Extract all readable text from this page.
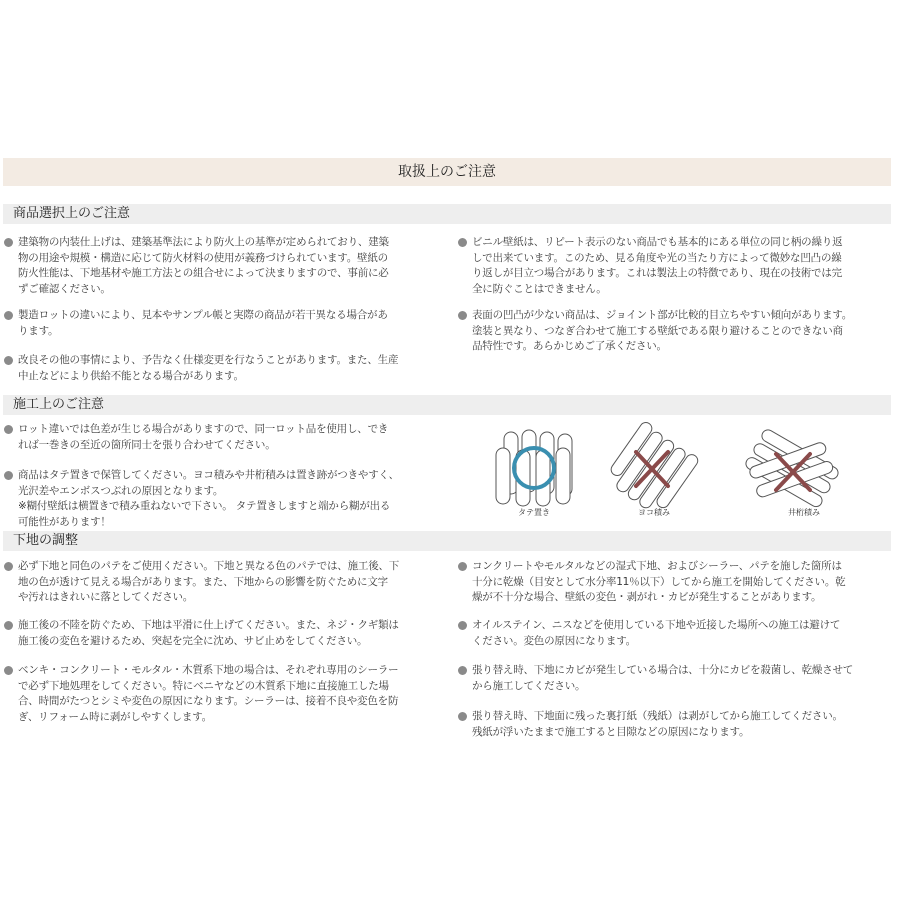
取扱上のご注意
商品選択上のご注意

建築物の内装仕上げは、建築基準法により防火上の基準が定められており、建築

物の用途や規模・構造に応じて防火材料の使用が義務づけられています。壁紙の

防火性能は、下地基材や施工方法との組合せによって決まりますので、事前に必

ずご確認ください。

製造ロットの違いにより、見本やサンプル帳と実際の商品が若干異なる場合があ

ります。

改良その他の事情により、予告なく仕様変更を行なうことがあります。また、生産

中止などにより供給不能となる場合があります。

ビニル壁紙は、リピート表示のない商品でも基本的にある単位の同じ柄の繰り返

しで出来ています。このため、見る角度や光の当たり方によって微妙な凹凸の繰

り返しが目立つ場合があります。これは製法上の特徴であり、現在の技術では完

全に防ぐことはできません。

表面の凹凸が少ない商品は、ジョイント部が比較的目立ちやすい傾向があります。

塗装と異なり、つなぎ合わせて施工する壁紙である限り避けることのできない商

品特性です。あらかじめご了承ください。

施工上のご注意

ロット違いでは色差が生じる場合がありますので、同一ロット品を使用し、でき

れば一巻きの至近の箇所同士を張り合わせてください。

商品はタテ置きで保管してください。ヨコ積みや井桁積みは置き跡がつきやすく、

光沢差やエンボスつぶれの原因となります。

※糊付壁紙は横置きで積み重ねないで下さい。 タテ置きしますと端から糊が出る

可能性があります！

タテ置き	ヨコ積み	井桁積み
下地の調整

必ず下地と同色のパテをご使用ください。下地と異なる色のパテでは、施工後、下

地の色が透けて見える場合があります。また、下地からの影響を防ぐために文字

や汚れはきれいに落としてください。

施工後の不陸を防ぐため、下地は平滑に仕上げてください。また、ネジ・クギ類は

施工後の変色を避けるため、突起を完全に沈め、サビ止めをしてください。

ベンキ・コンクリート・モルタル・木質系下地の場合は、それぞれ専用のシーラー

で必ず下地処理をしてください。特にベニヤなどの木質系下地に直接施工した場

合、時間がたつとシミや変色の原因になります。シーラーは、接着不良や変色を防

ぎ、リフォーム時に剥がしやすくします。

コンクリートやモルタルなどの湿式下地、およびシーラー、パテを施した箇所は

十分に乾燥（目安として水分率11％以下）してから施工を開始してください。乾

燥が不十分な場合、壁紙の変色・剥がれ・カビが発生することがあります。

オイルステイン、ニスなどを使用している下地や近接した場所への施工は避けて

ください。変色の原因になります。

張り替え時、下地にカビが発生している場合は、十分にカビを殺菌し、乾燥させて

から施工してください。

張り替え時、下地面に残った裏打紙（残紙）は剥がしてから施工してください。

残紙が浮いたままで施工すると目隙などの原因になります。
